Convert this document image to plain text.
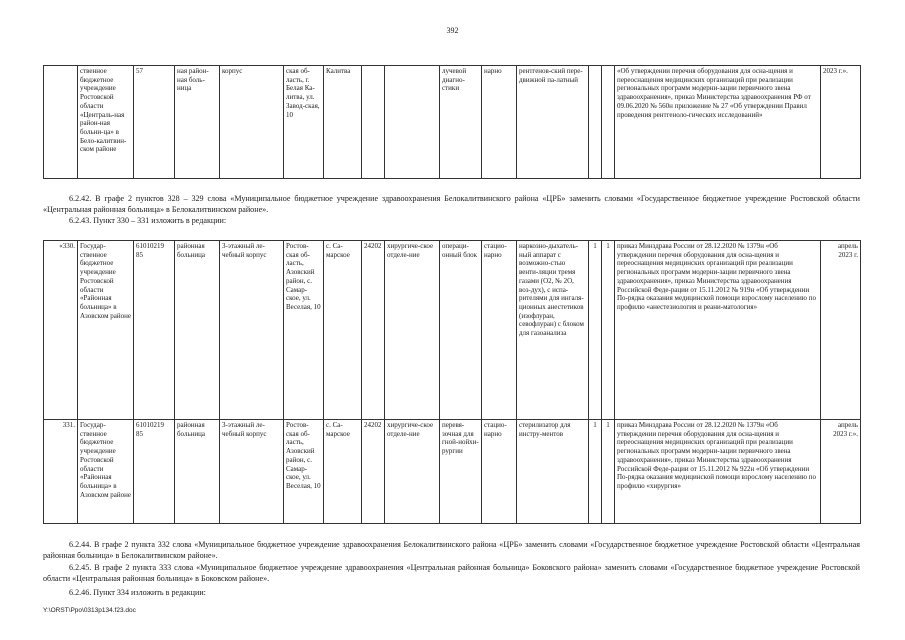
392
	ственное бюджетное учреждение Ростовской области «Централь-ная район-ная больни-ца» в Бело-калитвин-ском районе	57	ная район-ная боль-ница	корпус	ская об-ласть, г. Белая Ка-литва, ул. Завод-ская, 10	Калитва			лучевой диагно-стики	нарно	рентгенов-ский пере-движной па-латный			«Об утверждении перечня оборудования для осна-щения и переоснащения медицинских организаций при реализации региональных программ модерни-зации первичного звена здравоохранения», приказ Министерства здравоохранения РФ от 09.06.2020 № 560н приложение № 27 «Об утверждении Правил проведения рентгеноло-гических исследований»	2023 г.».
6.2.42. В графе 2 пунктов 328 – 329 слова «Муниципальное бюджетное учреждение здравоохранения Белокалитвинского района «ЦРБ» заменить словами «Государственное бюджетное учреждение Ростовской области «Центральная районная больница» в Белокалитвинском районе».
6.2.43. Пункт 330 – 331 изложить в редакции:
«330.	Государ-ственное бюджетное учреждение Ростовской области «Районная больница» в Азовском районе	61010219 85	районная больница	3-этажный ле-чебный корпус	Ростов-ская об-ласть, Азовский район, с. Самар-ское, ул. Веселая, 10	с. Са-марское	24202	хирургиче-ское отделе-ние	операци-онный блок	стацио-нарно	наркозно-дыхатель-ный аппарат с возможно-стью венти-ляции тремя газами (O2, № 2O, воз-дух), с испа-рителями для ингаля-ционных анестетиков (изофлуран, севофлуран) с блоком для газоанализа	1	1	приказ Минздрава России от 28.12.2020 № 1379н «Об утверждении перечня оборудования для осна-щения и переоснащения медицинских организаций при реализации региональных программ модерни-зации первичного звена здравоохранения», приказ Министерства здравоохранения Российской Феде-рации от 15.11.2012 № 919н «Об утверждении По-рядка оказания медицинской помощи взрослому населению по профилю «анестезиология и реани-матология»	апрель 2023 г.
331.	Государ-ственное бюджетное учреждение Ростовской области «Районная больница» в Азовском районе	61010219 85	районная больница	3-этажный ле-чебный корпус	Ростов-ская об-ласть, Азовский район, с. Самар-ское, ул. Веселая, 10	с. Са-марское	24202	хирургиче-ское отделе-ние	перевя-зочная для гной-нойхи-рургии	стацио-нарно	стерилизатор для инстру-ментов	1	1	приказ Минздрава России от 28.12.2020 № 1379н «Об утверждении перечня оборудования для осна-щения и переоснащения медицинских организаций при реализации региональных программ модерни-зации первичного звена здравоохранения», приказ Министерства здравоохранения Российской Феде-рации от 15.11.2012 № 922н «Об утверждении По-рядка оказания медицинской помощи взрослому населению по профилю «хирургия»	апрель 2023 г.».
6.2.44. В графе 2 пункта 332 слова «Муниципальное бюджетное учреждение здравоохранения Белокалитвинского района «ЦРБ» заменить словами «Государственное бюджетное учреждение Ростовской области «Центральная районная больница» в Белокалитвинском районе».
6.2.45. В графе 2 пункта 333 слова «Муниципальное бюджетное учреждение здравоохранения «Центральная районная больница» Боковского района» заменить словами «Государственное бюджетное учреждение Ростовской области «Центральная районная больница» в Боковском районе».
6.2.46. Пункт 334 изложить в редакции:
Y:\ORST\Ppo\0313p134.f23.doc
